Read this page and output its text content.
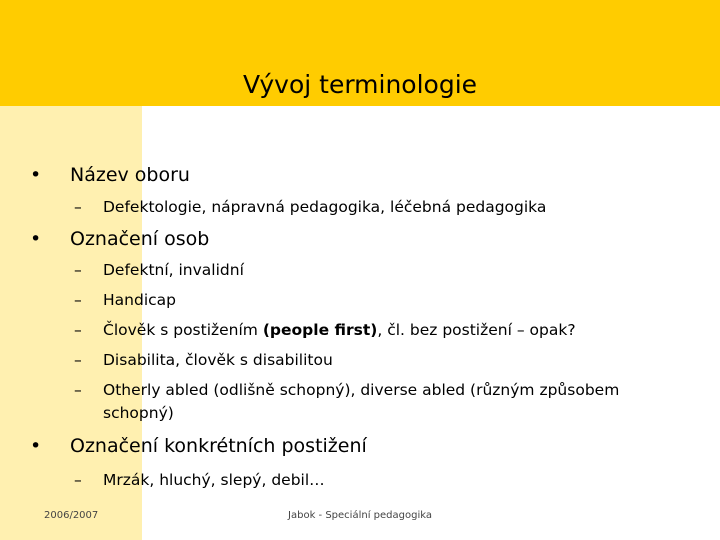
Vývoj terminologie
• Název oboru
– Defektologie, nápravná pedagogika, léčebná pedagogika
• Označení osob
– Defektní, invalidní
– Handicap
– Člověk s postižením (people first), čl. bez postižení – opak?
– Disabilita, člověk s disabilitou
– Otherly abled (odlišně schopný), diverse abled (různým způsobem
schopný)
• Označení konkrétních postižení
– Mrzák, hluchý, slepý, debil…
2006/2007	Jabok - Speciální pedagogika
